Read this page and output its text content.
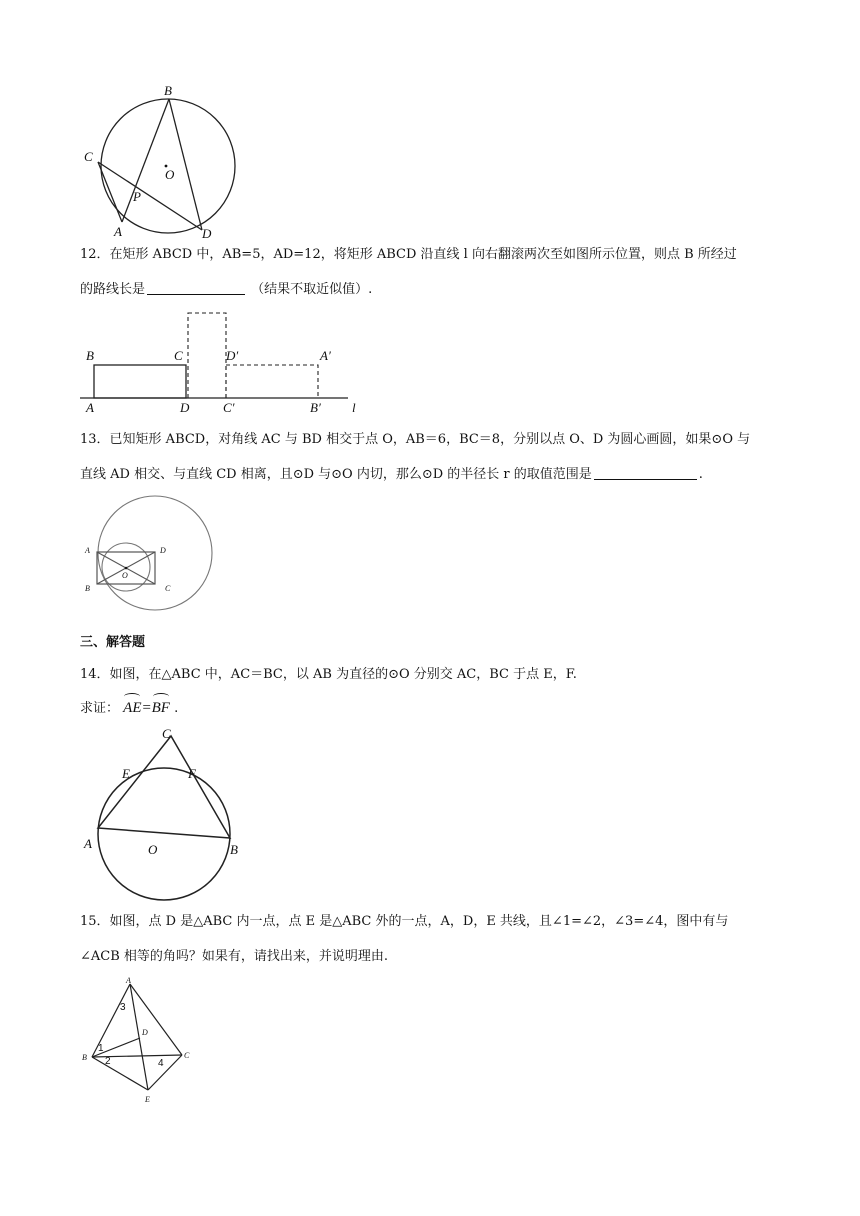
B
C
O
P
A	D
12．在矩形 ABCD 中，AB=5，AD=12，将矩形 ABCD 沿直线 l 向右翻滚两次至如图所示位置，则点 B 所经过
的路线长是	（结果不取近似值）.
B	C	D′	A′
A	D	C′	B′ l
13．已知矩形 ABCD，对角线 AC 与 BD 相交于点 O，AB＝6，BC＝8，分别以点 O、D 为圆心画圆，如果⊙O 与
直线 AD 相交、与直线 CD 相离，且⊙D 与⊙O 内切，那么⊙D 的半径长 r 的取值范围是	.
A	D
B	C
O
三、解答题
14．如图，在△ABC 中，AC＝BC，以 AB 为直径的⊙O 分别交 AC，BC 于点 E，F.
求证： AE=
BF .
C
E	F
A	O	B
15．如图，点 D 是△ABC 内一点，点 E 是△ABC 外的一点，A，D，E 共线，且∠1=∠2，∠3=∠4，图中有与
∠ACB 相等的角吗？如果有，请找出来，并说明理由.
A
B	C
D
E
1
2
3
4
